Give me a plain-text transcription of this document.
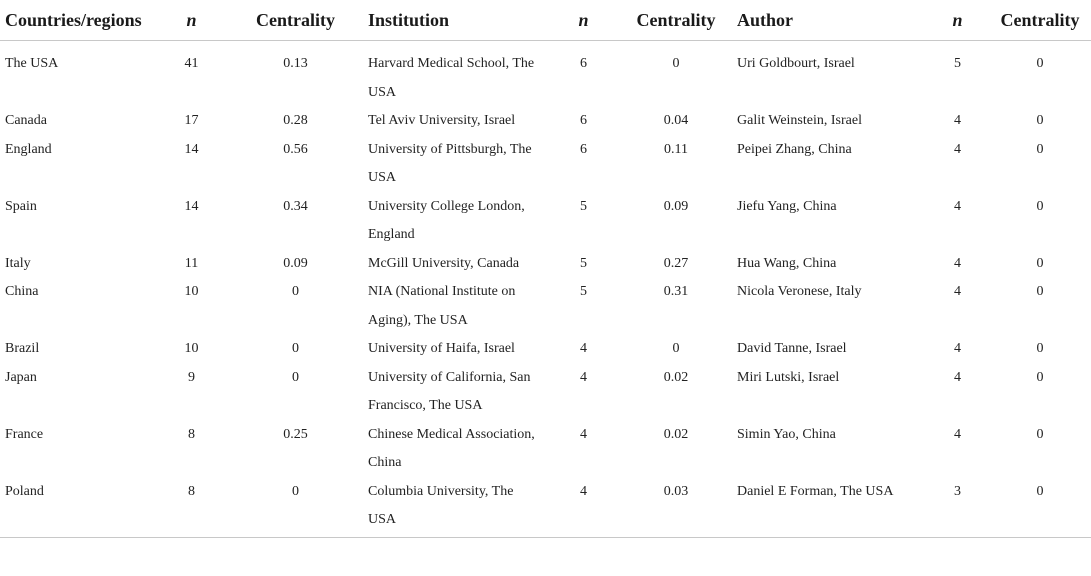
Countries/regions	n	Centrality	Institution	n	Centrality	Author	n	Centrality
The USA	41	0.13	Harvard Medical School, The USA	6	0	Uri Goldbourt, Israel	5	0
Canada	17	0.28	Tel Aviv University, Israel	6	0.04	Galit Weinstein, Israel	4	0
England	14	0.56	University of Pittsburgh, The USA	6	0.11	Peipei Zhang, China	4	0
Spain	14	0.34	University College London, England	5	0.09	Jiefu Yang, China	4	0
Italy	11	0.09	McGill University, Canada	5	0.27	Hua Wang, China	4	0
China	10	0	NIA (National Institute on Aging), The USA	5	0.31	Nicola Veronese, Italy	4	0
Brazil	10	0	University of Haifa, Israel	4	0	David Tanne, Israel	4	0
Japan	9	0	University of California, San Francisco, The USA	4	0.02	Miri Lutski, Israel	4	0
France	8	0.25	Chinese Medical Association, China	4	0.02	Simin Yao, China	4	0
Poland	8	0	Columbia University, The USA	4	0.03	Daniel E Forman, The USA	3	0
